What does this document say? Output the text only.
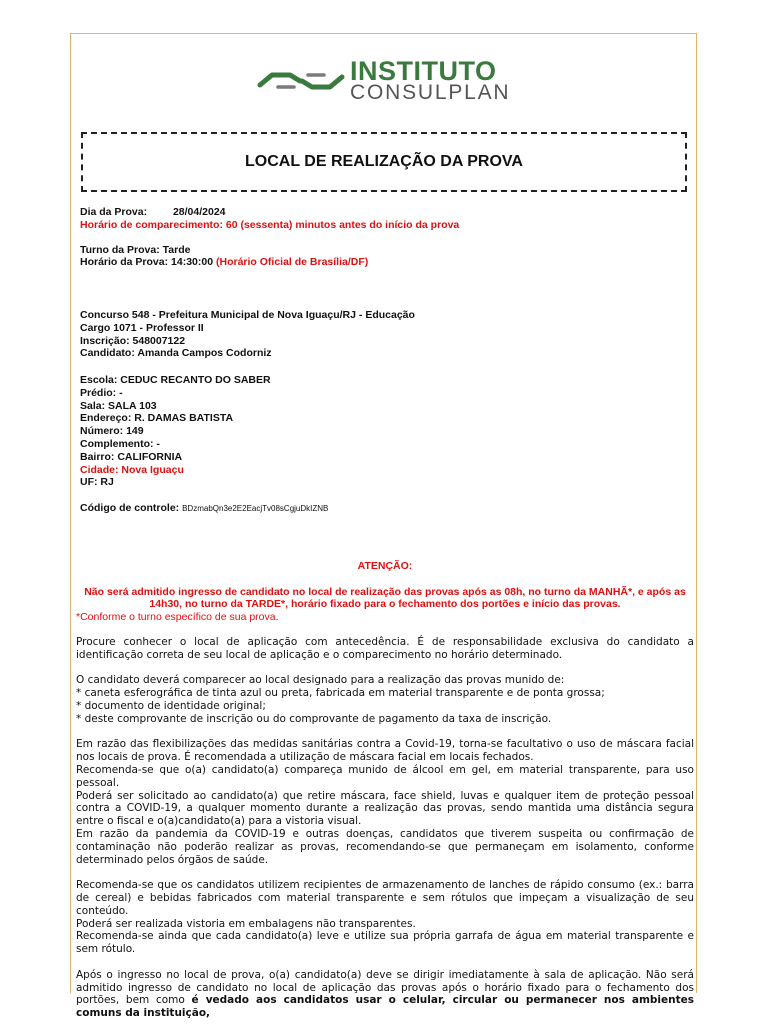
INSTITUTO
CONSULPLAN
LOCAL DE REALIZAÇÃO DA PROVA
Dia da Prova: 28/04/2024
Horário de comparecimento: 60 (sessenta) minutos antes do início da prova
Turno da Prova: Tarde
Horário da Prova: 14:30:00 (Horário Oficial de Brasília/DF)
Concurso 548 - Prefeitura Municipal de Nova Iguaçu/RJ - Educação
Cargo 1071 - Professor II
Inscrição: 548007122
Candidato: Amanda Campos Codorniz
Escola: CEDUC RECANTO DO SABER
Prédio: -
Sala: SALA 103
Endereço: R. DAMAS BATISTA
Número: 149
Complemento: -
Bairro: CALIFORNIA
Cidade: Nova Iguaçu
UF: RJ
Código de controle: BDzmabQn3e2E2EacjTv08sCgjuDkIZNB
ATENÇÃO:
Não será admitido ingresso de candidato no local de realização das provas após as 08h, no turno da MANHÃ*, e após as 14h30, no turno da TARDE*, horário fixado para o fechamento dos portões e início das provas.
*Conforme o turno específico de sua prova.

Procure conhecer o local de aplicação com antecedência. É de responsabilidade exclusiva do candidato a identificação correta de seu local de aplicação e o comparecimento no horário determinado.

O candidato deverá comparecer ao local designado para a realização das provas munido de:
* caneta esferográfica de tinta azul ou preta, fabricada em material transparente e de ponta grossa;
* documento de identidade original;
* deste comprovante de inscrição ou do comprovante de pagamento da taxa de inscrição.

Em razão das flexibilizações das medidas sanitárias contra a Covid-19, torna-se facultativo o uso de máscara facial nos locais de prova. É recomendada a utilização de máscara facial em locais fechados.
Recomenda-se que o(a) candidato(a) compareça munido de álcool em gel, em material transparente, para uso pessoal.
Poderá ser solicitado ao candidato(a) que retire máscara, face shield, luvas e qualquer item de proteção pessoal contra a COVID-19, a qualquer momento durante a realização das provas, sendo mantida uma distância segura entre o fiscal e o(a)candidato(a) para a vistoria visual.
Em razão da pandemia da COVID-19 e outras doenças, candidatos que tiverem suspeita ou confirmação de contaminação não poderão realizar as provas, recomendando-se que permaneçam em isolamento, conforme determinado pelos órgãos de saúde.

Recomenda-se que os candidatos utilizem recipientes de armazenamento de lanches de rápido consumo (ex.: barra de cereal) e bebidas fabricados com material transparente e sem rótulos que impeçam a visualização de seu conteúdo.
Poderá ser realizada vistoria em embalagens não transparentes.
Recomenda-se ainda que cada candidato(a) leve e utilize sua própria garrafa de água em material transparente e sem rótulo.

Após o ingresso no local de prova, o(a) candidato(a) deve se dirigir imediatamente à sala de aplicação. Não será admitido ingresso de candidato no local de aplicação das provas após o horário fixado para o fechamento dos portões, bem como é vedado aos candidatos usar o celular, circular ou permanecer nos ambientes comuns da instituição,
